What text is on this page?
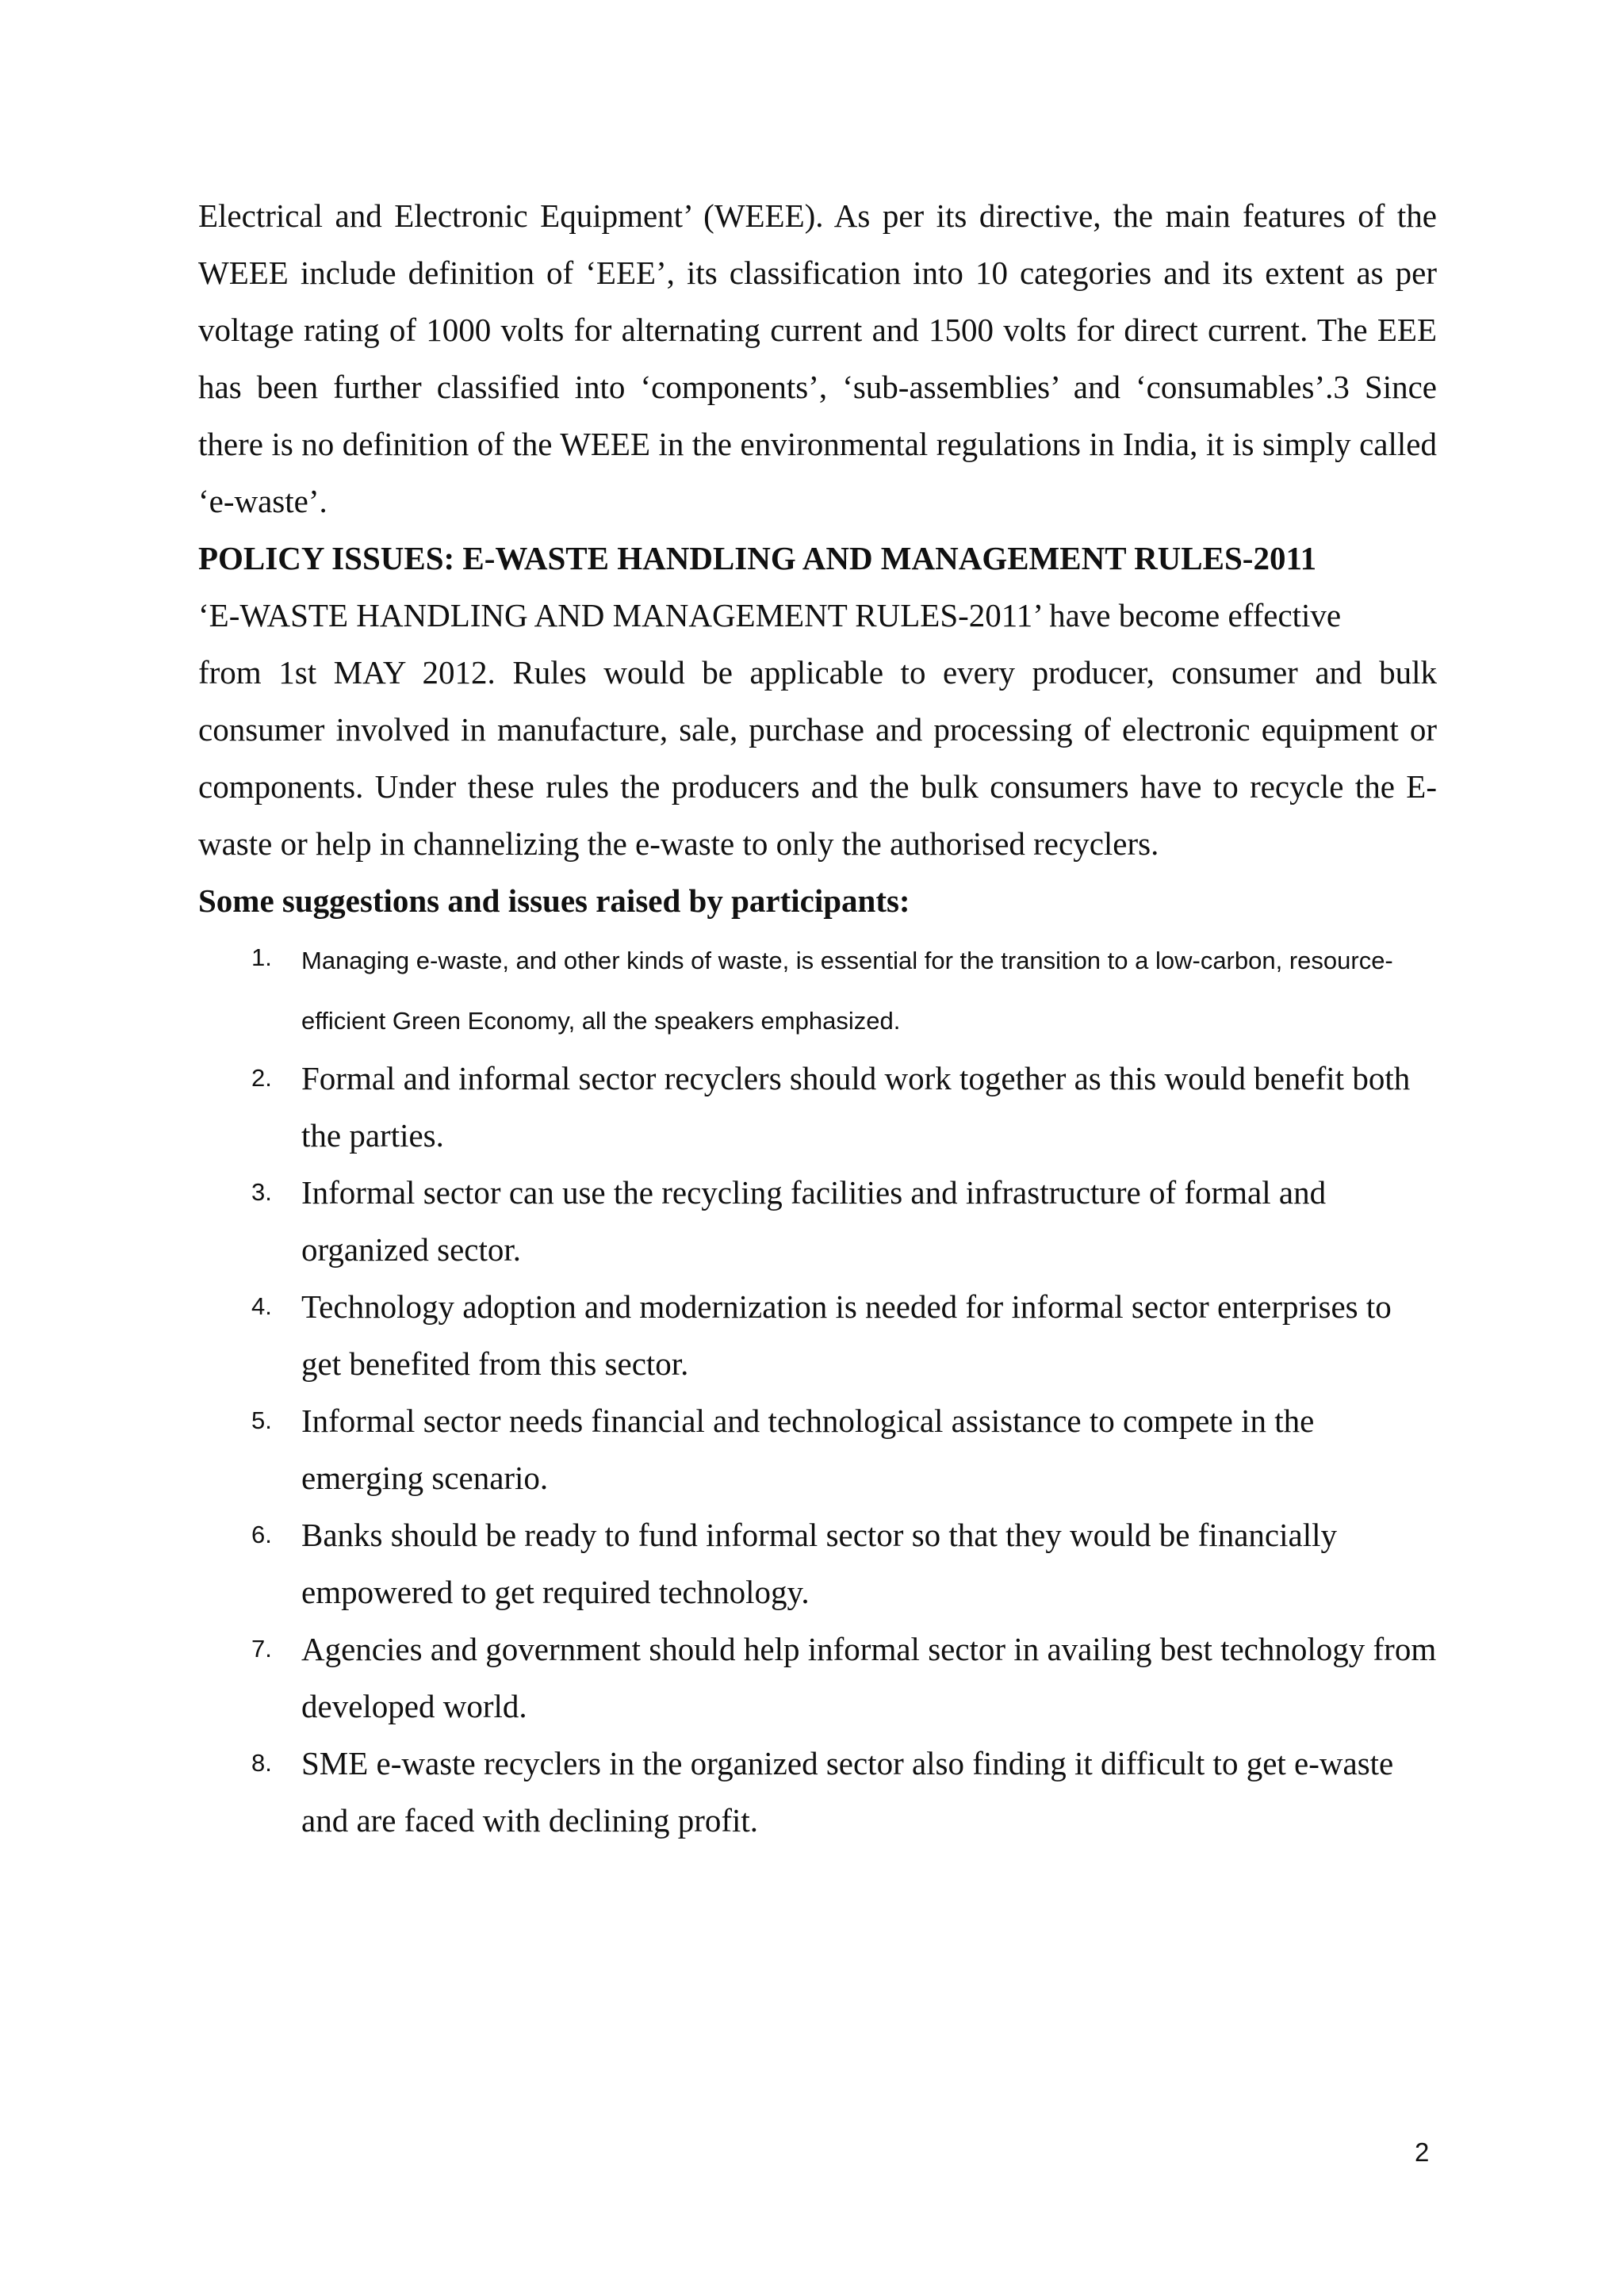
Electrical and Electronic Equipment’ (WEEE). As per its directive, the main features of the WEEE include definition of ‘EEE’, its classification into 10 categories and its extent as per voltage rating of 1000 volts for alternating current and 1500 volts for direct current. The EEE has been further classified into ‘components’, ‘sub-assemblies’ and ‘consumables’.3 Since there is no definition of the WEEE in the environmental regulations in India, it is simply called ‘e-waste’.

POLICY ISSUES: E-WASTE HANDLING AND MANAGEMENT RULES-2011

‘E-WASTE HANDLING AND MANAGEMENT RULES-2011’ have become effective

from 1st MAY 2012. Rules would be applicable to every producer, consumer and bulk consumer involved in manufacture, sale, purchase and processing of electronic equipment or components. Under these rules the producers and the bulk consumers have to recycle the E-waste or help in channelizing the e-waste to only the authorised recyclers.

Some suggestions and issues raised by participants:
1. Managing e-waste, and other kinds of waste, is essential for the transition to a low-carbon, resource-efficient Green Economy, all the speakers emphasized.
2. Formal and informal sector recyclers should work together as this would benefit both the parties.
3. Informal sector can use the recycling facilities and infrastructure of formal and organized sector.
4. Technology adoption and modernization is needed for informal sector enterprises to get benefited from this sector.
5. Informal sector needs financial and technological assistance to compete in the emerging scenario.
6. Banks should be ready to fund informal sector so that they would be financially empowered to get required technology.
7. Agencies and government should help informal sector in availing best technology from developed world.
8. SME e-waste recyclers in the organized sector also finding it difficult to get e-waste and are faced with declining profit.
2
